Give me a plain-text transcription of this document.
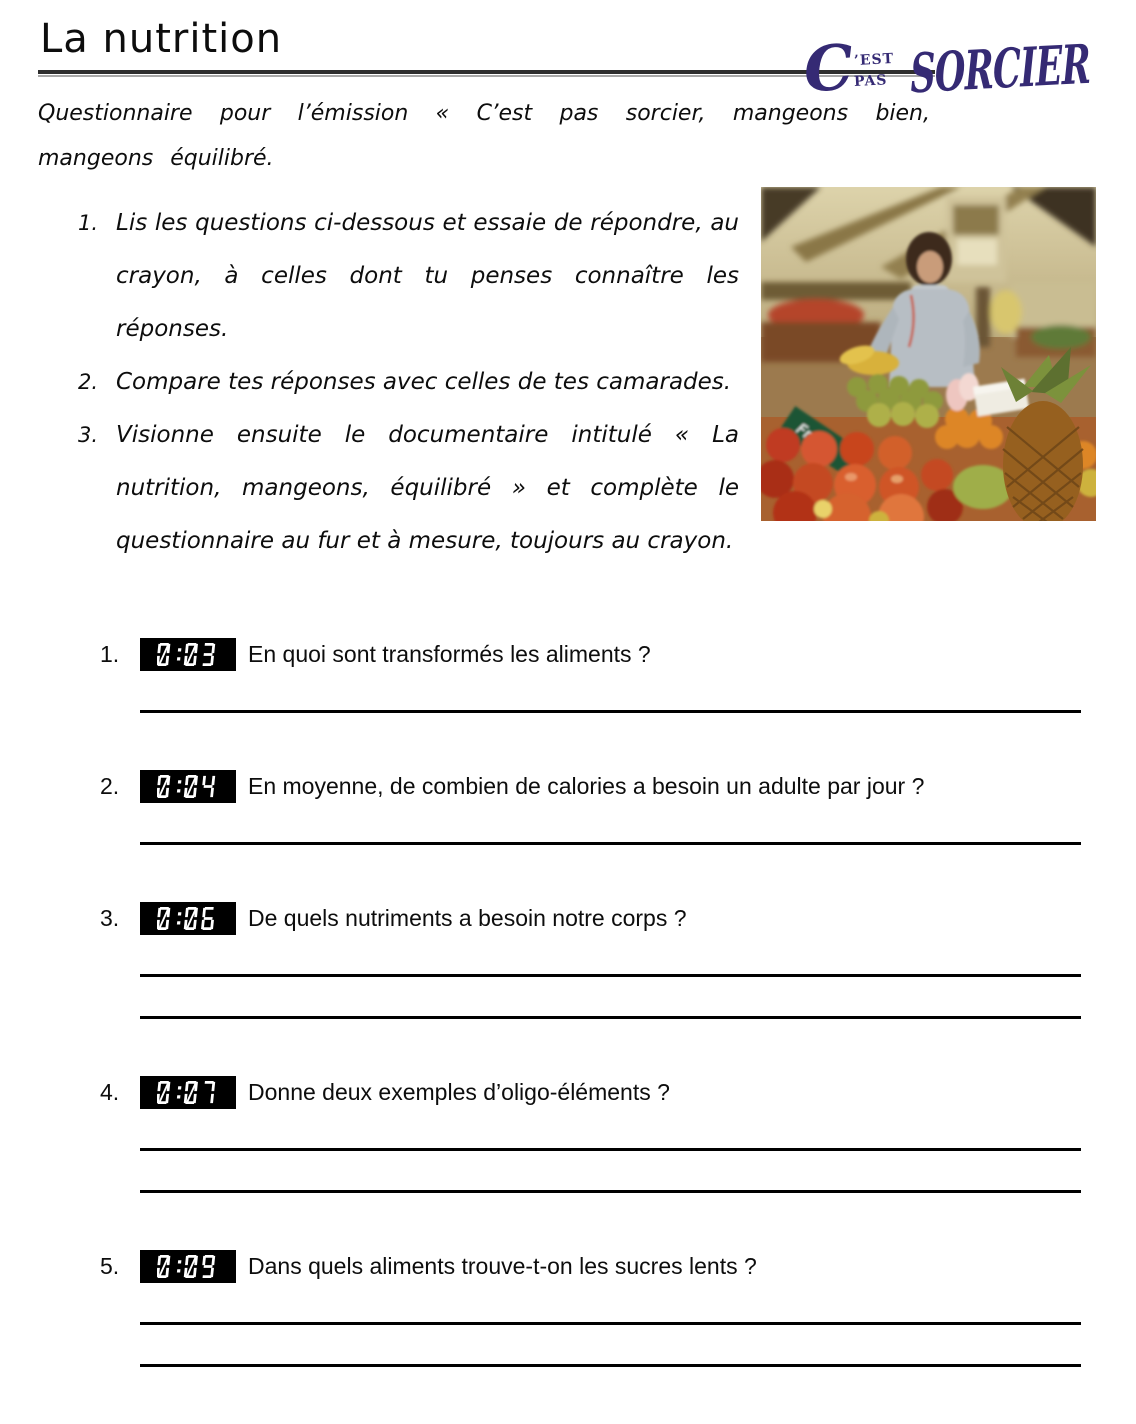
La nutrition

Questionnaire pour l’émission « C’est pas sorcier, mangeons bien, mangeons équilibré.

C
’EST
PAS SORCIER
1. Lis les questions ci-dessous et essaie de répondre, au crayon, à celles dont tu penses connaître les réponses.
2. Compare tes réponses avec celles de tes camarades.
3. Visionne ensuite le documentaire intitulé « La nutrition, mangeons, équilibré » et complète le questionnaire au fur et à mesure, toujours au crayon.
1.	En quoi sont transformés les aliments ?
2.	En moyenne, de combien de calories a besoin un adulte par jour ?
3.	De quels nutriments a besoin notre corps ?
4.	Donne deux exemples d’oligo-éléments ?
5.	Dans quels aliments trouve-t-on les sucres lents ?
